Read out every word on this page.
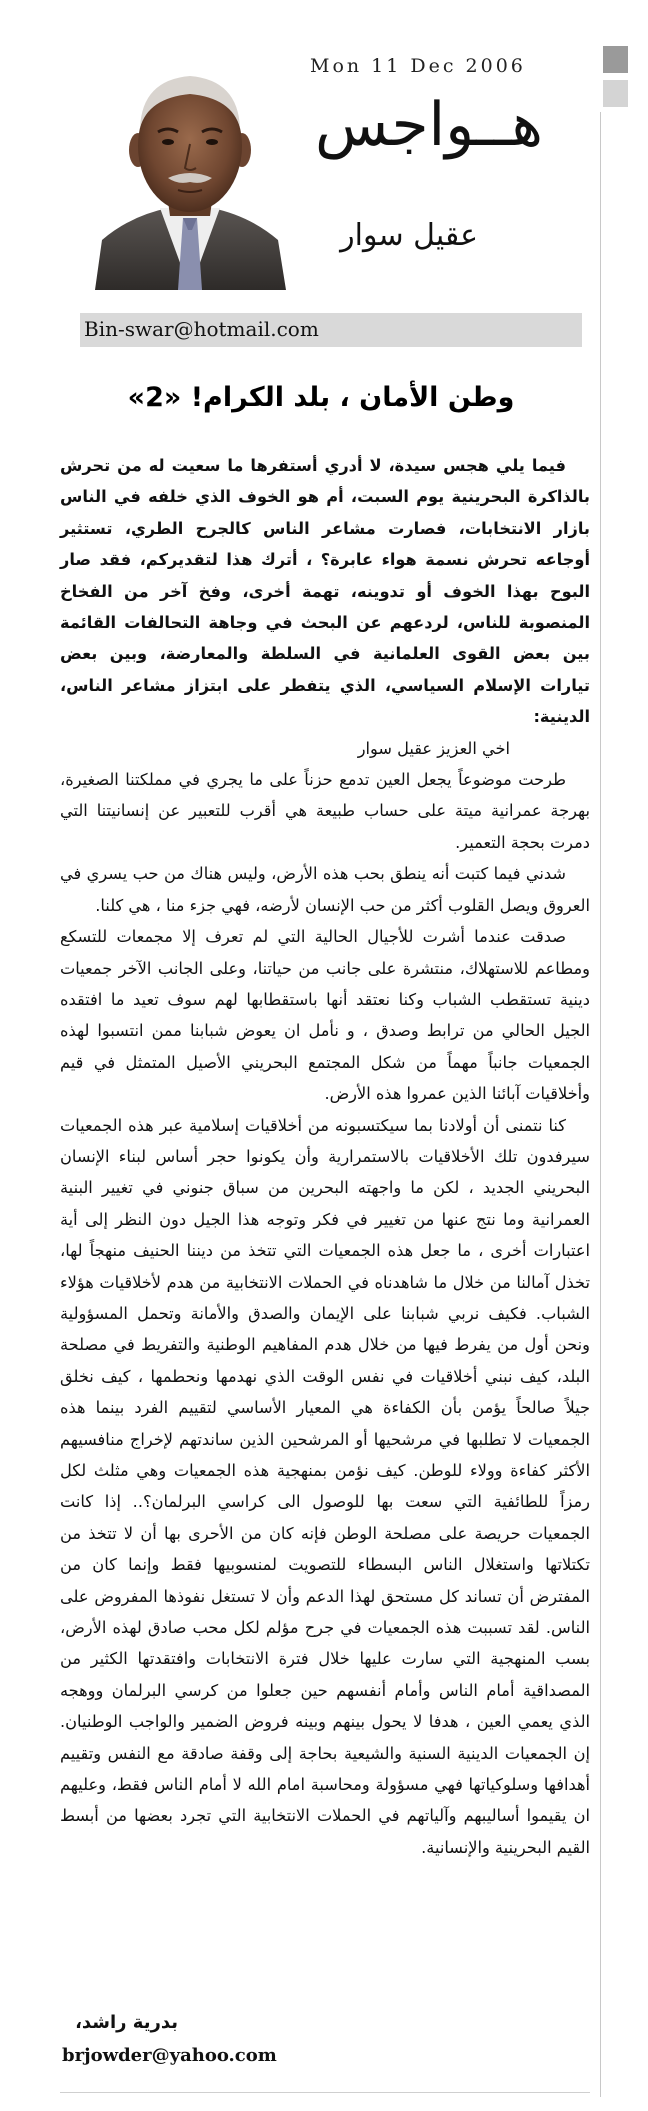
Mon 11 Dec 2006
هــواجس
عقيل سوار
Bin-swar@hotmail.com
وطن الأمان ، بلد الكرام! «2»

فيما يلي هجس سيدة، لا أدري أستفرها ما سعيت له من تحرش بالذاكرة البحرينية يوم السبت، أم هو الخوف الذي خلفه في الناس بازار الانتخابات، فصارت مشاعر الناس كالجرح الطري، تستثير أوجاعه تحرش نسمة هواء عابرة؟ ، أترك هذا لتقديركم، فقد صار البوح بهذا الخوف أو تدوينه، تهمة أخرى، وفخ آخر من الفخاخ المنصوبة للناس، لردعهم عن البحث في وجاهة التحالفات القائمة بين بعض القوى العلمانية في السلطة والمعارضة، وبين بعض تيارات الإسلام السياسي، الذي يتفطر على ابتزاز مشاعر الناس، الدينية:

اخي العزيز عقيل سوار

طرحت موضوعاً يجعل العين تدمع حزناً على ما يجري في مملكتنا الصغيرة، بهرجة عمرانية ميتة على حساب طبيعة هي أقرب للتعبير عن إنسانيتنا التي دمرت بحجة التعمير.

شدني فيما كتبت أنه ينطق بحب هذه الأرض، وليس هناك من حب يسري في العروق ويصل القلوب أكثر من حب الإنسان لأرضه، فهي جزء منا ، هي كلنا.

صدقت عندما أشرت للأجيال الحالية التي لم تعرف إلا مجمعات للتسكع ومطاعم للاستهلاك، منتشرة على جانب من حياتنا، وعلى الجانب الآخر جمعيات دينية تستقطب الشباب وكنا نعتقد أنها باستقطابها لهم سوف تعيد ما افتقده الجيل الحالي من ترابط وصدق ، و نأمل ان يعوض شبابنا ممن انتسبوا لهذه الجمعيات جانباً مهماً من شكل المجتمع البحريني الأصيل المتمثل في قيم وأخلاقيات آبائنا الذين عمروا هذه الأرض.

كنا نتمنى أن أولادنا بما سيكتسبونه من أخلاقيات إسلامية عبر هذه الجمعيات سيرفدون تلك الأخلاقيات بالاستمرارية وأن يكونوا حجر أساس لبناء الإنسان البحريني الجديد ، لكن ما واجهته البحرين من سباق جنوني في تغيير البنية العمرانية وما نتج عنها من تغيير في فكر وتوجه هذا الجيل دون النظر إلى أية اعتبارات أخرى ، ما جعل هذه الجمعيات التي تتخذ من ديننا الحنيف منهجاً لها، تخذل آمالنا من خلال ما شاهدناه في الحملات الانتخابية من هدم لأخلاقيات هؤلاء الشباب. فكيف نربي شبابنا على الإيمان والصدق والأمانة وتحمل المسؤولية ونحن أول من يفرط فيها من خلال هدم المفاهيم الوطنية والتفريط في مصلحة البلد، كيف نبني أخلاقيات في نفس الوقت الذي نهدمها ونحطمها ، كيف نخلق جيلاً صالحاً يؤمن بأن الكفاءة هي المعيار الأساسي لتقييم الفرد بينما هذه الجمعيات لا تطلبها في مرشحيها أو المرشحين الذين ساندتهم لإخراج منافسيهم الأكثر كفاءة وولاء للوطن. كيف نؤمن بمنهجية هذه الجمعيات وهي مثلث لكل رمزاً للطائفية التي سعت بها للوصول الى كراسي البرلمان؟.. إذا كانت الجمعيات حريصة على مصلحة الوطن فإنه كان من الأحرى بها أن لا تتخذ من تكتلاتها واستغلال الناس البسطاء للتصويت لمنسوبيها فقط وإنما كان من المفترض أن تساند كل مستحق لهذا الدعم وأن لا تستغل نفوذها المفروض على الناس. لقد تسببت هذه الجمعيات في جرح مؤلم لكل محب صادق لهذه الأرض، بسب المنهجية التي سارت عليها خلال فترة الانتخابات وافتقدتها الكثير من المصداقية أمام الناس وأمام أنفسهم حين جعلوا من كرسي البرلمان ووهجه الذي يعمي العين ، هدفا لا يحول بينهم وبينه فروض الضمير والواجب الوطنيان. إن الجمعيات الدينية السنية والشيعية بحاجة إلى وقفة صادقة مع النفس وتقييم أهدافها وسلوكياتها فهي مسؤولة ومحاسبة امام الله لا أمام الناس فقط، وعليهم ان يقيموا أساليبهم وآلياتهم في الحملات الانتخابية التي تجرد بعضها من أبسط القيم البحرينية والإنسانية.

بدرية راشد،
brjowder@yahoo.com
